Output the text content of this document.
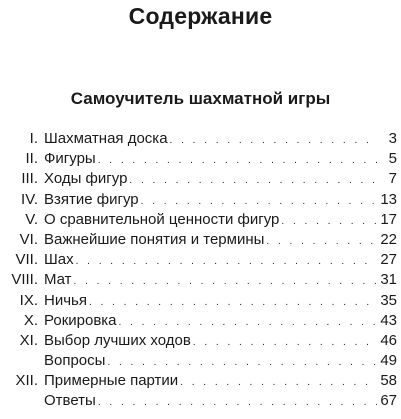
Содержание
Самоучитель шахматной игры
I. Шахматная доска . . .	3
II. Фигуры . . .	5
III. Ходы фигур . . .	7
IV. Взятие фигур . . .	13
V. О сравнительной ценности фигур . . .	17
VI. Важнейшие понятия и термины . . .	22
VII. Шах . . .	27
VIII. Мат . . .	31
IX. Ничья . . .	35
X. Рокировка . . .	43
XI. Выбор лучших ходов . . .	46
Вопросы . . .	49
XII. Примерные партии . . .	58
Ответы . . .	67
